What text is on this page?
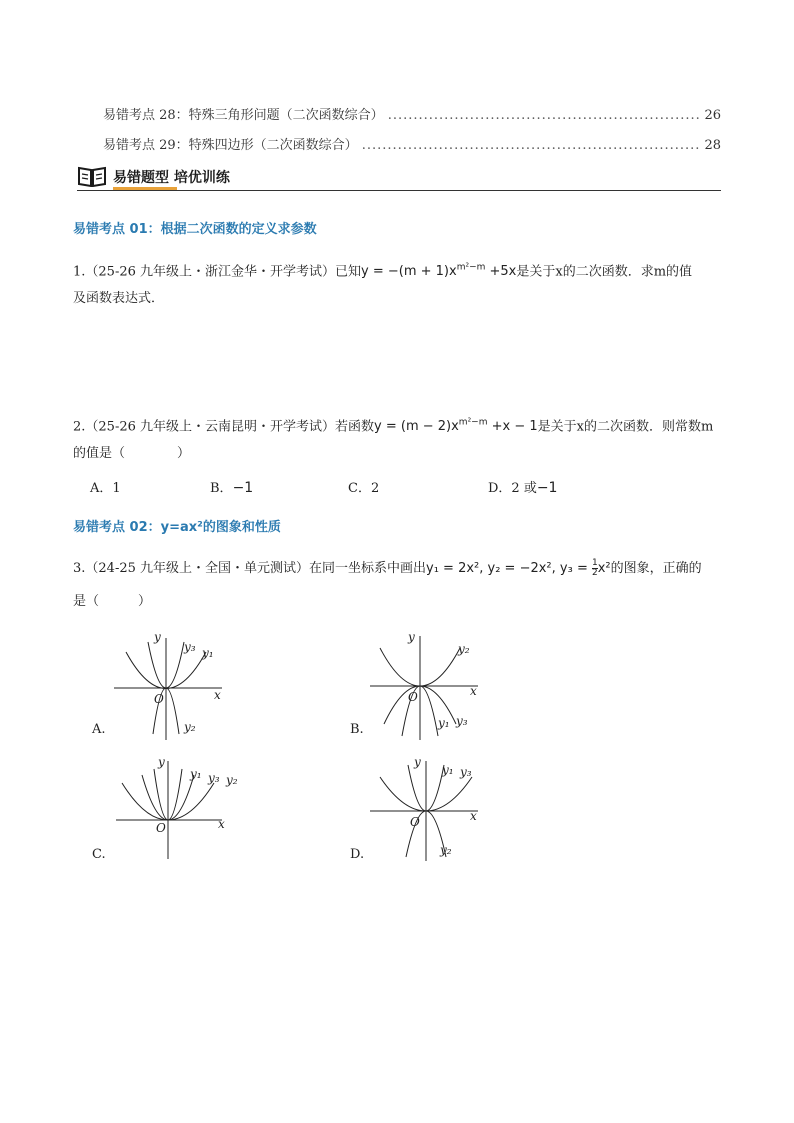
易错考点 28：特殊三角形问题（二次函数综合） .....	26
易错考点 29：特殊四边形（二次函数综合） .....	28
易错题型 培优训练
易错考点 01：根据二次函数的定义求参数
1.（25-26 九年级上・浙江金华・开学考试）已知$y = -(m + 1)x^{m^2-m} +5x$是关于x的二次函数．求m的值
及函数表达式．
2.（25-26 九年级上・云南昆明・开学考试）若函数$y = (m - 2)x^{m^2-m} +x - 1$是关于x的二次函数．则常数m
的值是（　　　　）
A．1	B．−1	C．2	D．2 或−1
易错考点 02：y=ax²的图象和性质
3.（24-25 九年级上・全国・单元测试）在同一坐标系中画出y₁ = 2x², y₂ = −2x², $y_3 = \frac{1}{2} x^2$的图象，正确的
是（　　　）
y
x
O
y₃ y₁
y₂
A.
y
x
O
y₂
y₁ y₃
B.
y
x
O
y₁ y₃ y₂
C.
y
x
O
y₁ y₃
y₂
D.
